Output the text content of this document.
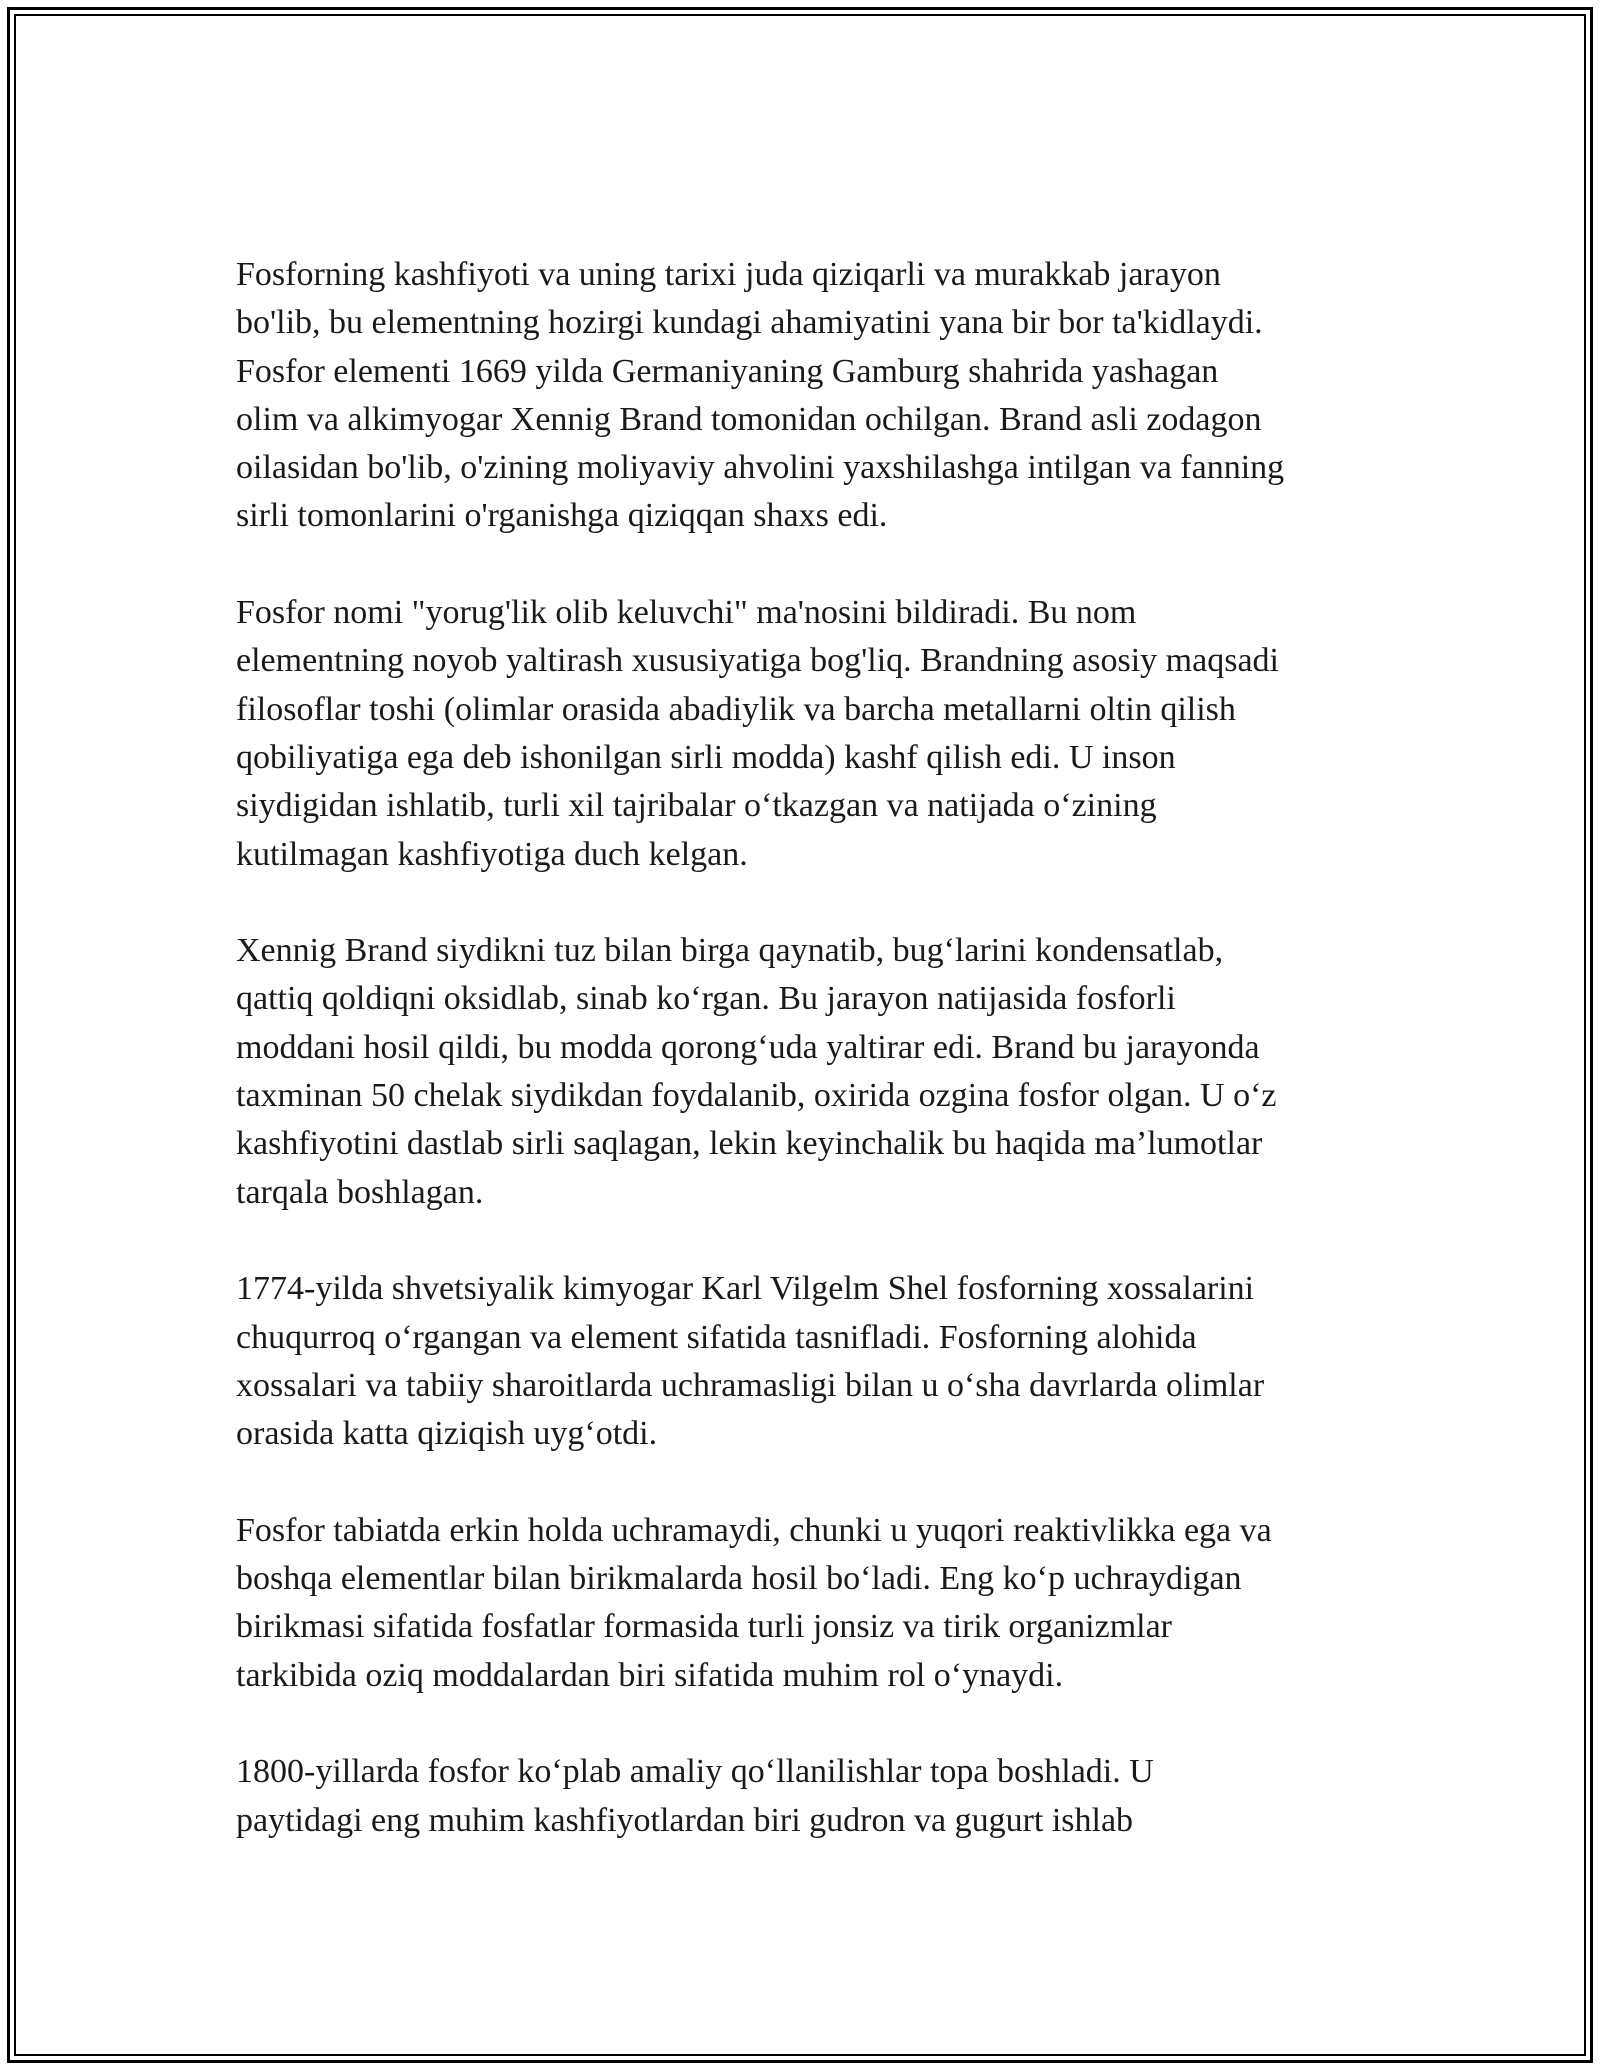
Fosforning kashfiyoti va uning tarixi juda qiziqarli va murakkab jarayon
bo'lib, bu elementning hozirgi kundagi ahamiyatini yana bir bor ta'kidlaydi.
Fosfor elementi 1669 yilda Germaniyaning Gamburg shahrida yashagan
olim va alkimyogar Xennig Brand tomonidan ochilgan. Brand asli zodagon
oilasidan bo'lib, o'zining moliyaviy ahvolini yaxshilashga intilgan va fanning
sirli tomonlarini o'rganishga qiziqqan shaxs edi.

Fosfor nomi "yorug'lik olib keluvchi" ma'nosini bildiradi. Bu nom
elementning noyob yaltirash xususiyatiga bog'liq. Brandning asosiy maqsadi
filosoflar toshi (olimlar orasida abadiylik va barcha metallarni oltin qilish
qobiliyatiga ega deb ishonilgan sirli modda) kashf qilish edi. U inson
siydigidan ishlatib, turli xil tajribalar o‘tkazgan va natijada o‘zining
kutilmagan kashfiyotiga duch kelgan.

Xennig Brand siydikni tuz bilan birga qaynatib, bug‘larini kondensatlab,
qattiq qoldiqni oksidlab, sinab ko‘rgan. Bu jarayon natijasida fosforli
moddani hosil qildi, bu modda qorong‘uda yaltirar edi. Brand bu jarayonda
taxminan 50 chelak siydikdan foydalanib, oxirida ozgina fosfor olgan. U o‘z
kashfiyotini dastlab sirli saqlagan, lekin keyinchalik bu haqida ma’lumotlar
tarqala boshlagan.

1774-yilda shvetsiyalik kimyogar Karl Vilgelm Shel fosforning xossalarini
chuqurroq o‘rgangan va element sifatida tasnifladi. Fosforning alohida
xossalari va tabiiy sharoitlarda uchramasligi bilan u o‘sha davrlarda olimlar
orasida katta qiziqish uyg‘otdi.

Fosfor tabiatda erkin holda uchramaydi, chunki u yuqori reaktivlikka ega va
boshqa elementlar bilan birikmalarda hosil bo‘ladi. Eng ko‘p uchraydigan
birikmasi sifatida fosfatlar formasida turli jonsiz va tirik organizmlar
tarkibida oziq moddalardan biri sifatida muhim rol o‘ynaydi.

1800-yillarda fosfor ko‘plab amaliy qo‘llanilishlar topa boshladi. U
paytidagi eng muhim kashfiyotlardan biri gudron va gugurt ishlab
